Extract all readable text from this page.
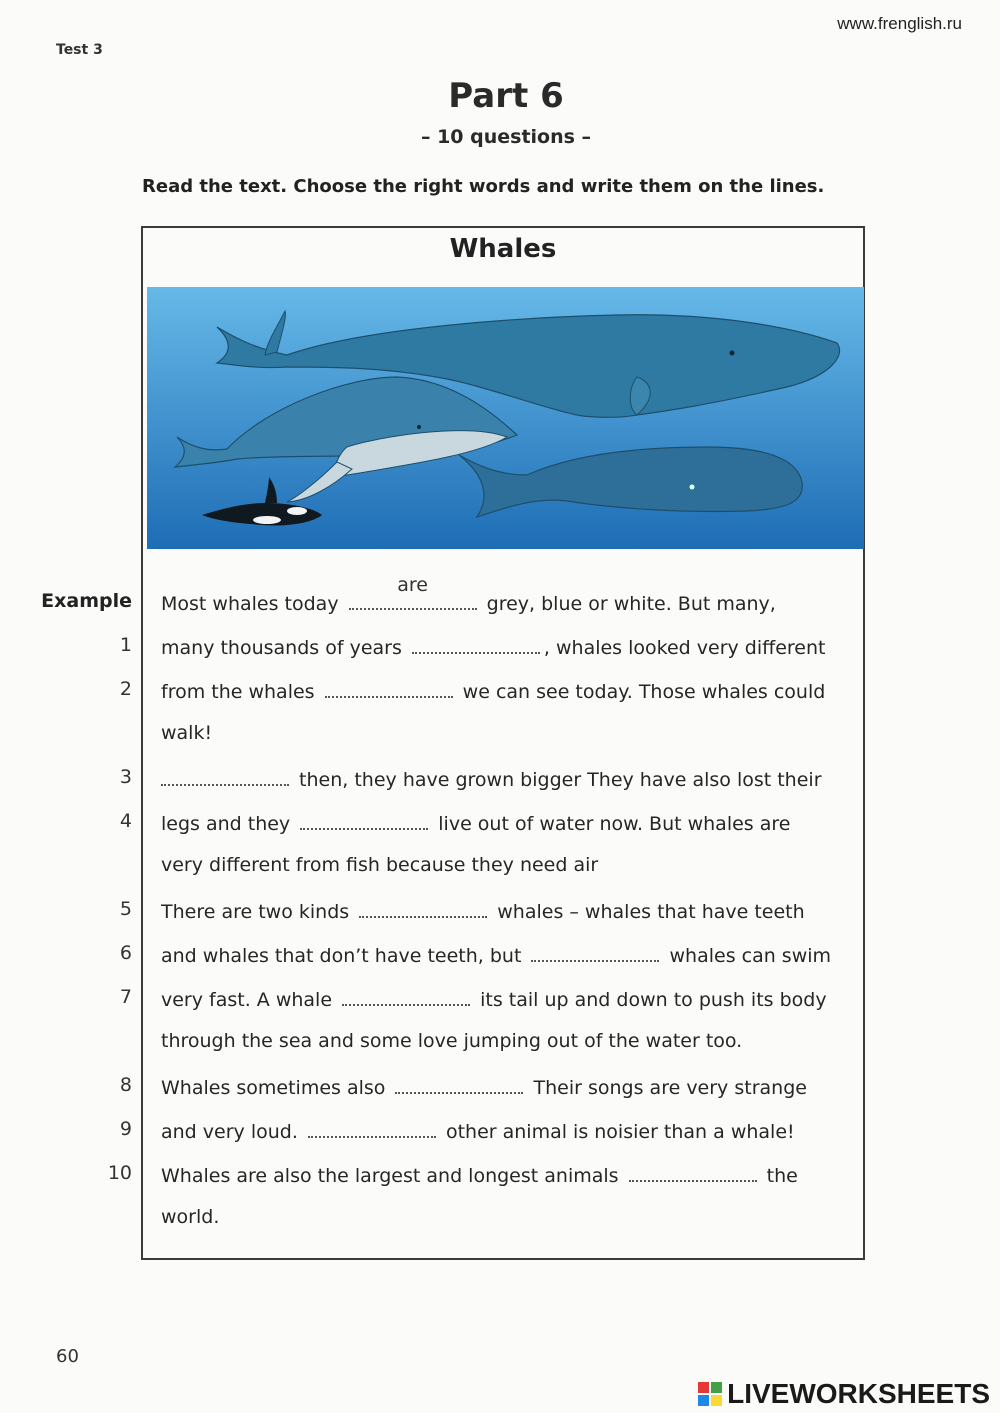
www.frenglish.ru
Test 3
Part 6
– 10 questions –
Read the text. Choose the right words and write them on the lines.
Whales
Example
1
2
3
4
5
6
7
8
9
10
Most whales today
are
grey, blue or white. But many,
many thousands of years	, whales looked very different
from the whales	we can see today. Those whales could
walk!
then, they have grown bigger They have also lost their
legs and they	live out of water now. But whales are
very different from fish because they need air
There are two kinds	whales – whales that have teeth
and whales that don’t have teeth, but	whales can swim
very fast. A whale	its tail up and down to push its body
through the sea and some love jumping out of the water too.
Whales sometimes also	Their songs are very strange
and very loud.	other animal is noisier than a whale!
Whales are also the largest and longest animals	the
world.
60
LIVEWORKSHEETS
